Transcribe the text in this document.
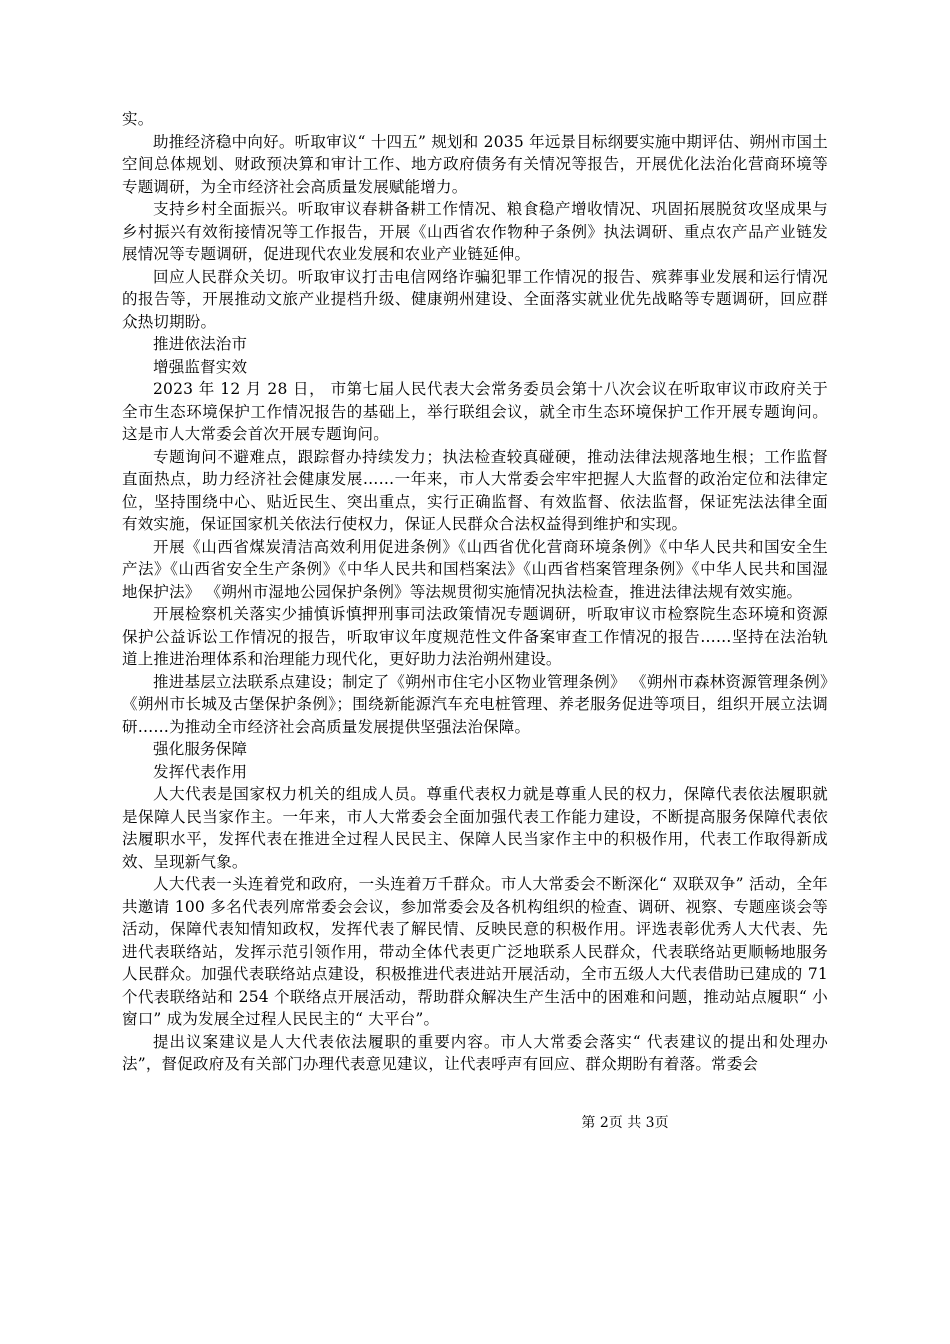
实。

助推经济稳中向好。听取审议“ 十四五” 规划和 2035 年远景目标纲要实施中期评估、朔州市国土空间总体规划、财政预决算和审计工作、地方政府债务有关情况等报告，开展优化法治化营商环境等专题调研，为全市经济社会高质量发展赋能增力。

支持乡村全面振兴。听取审议春耕备耕工作情况、粮食稳产增收情况、巩固拓展脱贫攻坚成果与乡村振兴有效衔接情况等工作报告，开展《山西省农作物种子条例》执法调研、重点农产品产业链发展情况等专题调研，促进现代农业发展和农业产业链延伸。

回应人民群众关切。听取审议打击电信网络诈骗犯罪工作情况的报告、殡葬事业发展和运行情况的报告等，开展推动文旅产业提档升级、健康朔州建设、全面落实就业优先战略等专题调研，回应群众热切期盼。

推进依法治市

增强监督实效

2023 年 12 月 28 日， 市第七届人民代表大会常务委员会第十八次会议在听取审议市政府关于全市生态环境保护工作情况报告的基础上，举行联组会议，就全市生态环境保护工作开展专题询问。这是市人大常委会首次开展专题询问。

专题询问不避难点，跟踪督办持续发力；执法检查较真碰硬，推动法律法规落地生根；工作监督直面热点，助力经济社会健康发展……一年来，市人大常委会牢牢把握人大监督的政治定位和法律定位，坚持围绕中心、贴近民生、突出重点，实行正确监督、有效监督、依法监督，保证宪法法律全面有效实施，保证国家机关依法行使权力，保证人民群众合法权益得到维护和实现。

开展《山西省煤炭清洁高效利用促进条例》《山西省优化营商环境条例》《中华人民共和国安全生产法》《山西省安全生产条例》《中华人民共和国档案法》《山西省档案管理条例》《中华人民共和国湿地保护法》 《朔州市湿地公园保护条例》等法规贯彻实施情况执法检查，推进法律法规有效实施。

开展检察机关落实少捕慎诉慎押刑事司法政策情况专题调研，听取审议市检察院生态环境和资源保护公益诉讼工作情况的报告，听取审议年度规范性文件备案审查工作情况的报告……坚持在法治轨道上推进治理体系和治理能力现代化，更好助力法治朔州建设。

推进基层立法联系点建设；制定了《朔州市住宅小区物业管理条例》 《朔州市森林资源管理条例》《朔州市长城及古堡保护条例》；围绕新能源汽车充电桩管理、养老服务促进等项目，组织开展立法调研……为推动全市经济社会高质量发展提供坚强法治保障。

强化服务保障

发挥代表作用

人大代表是国家权力机关的组成人员。尊重代表权力就是尊重人民的权力，保障代表依法履职就是保障人民当家作主。一年来，市人大常委会全面加强代表工作能力建设，不断提高服务保障代表依法履职水平，发挥代表在推进全过程人民民主、保障人民当家作主中的积极作用，代表工作取得新成效、呈现新气象。

人大代表一头连着党和政府，一头连着万千群众。市人大常委会不断深化“ 双联双争” 活动，全年共邀请 100 多名代表列席常委会会议，参加常委会及各机构组织的检查、调研、视察、专题座谈会等活动，保障代表知情知政权，发挥代表了解民情、反映民意的积极作用。评选表彰优秀人大代表、先进代表联络站，发挥示范引领作用，带动全体代表更广泛地联系人民群众，代表联络站更顺畅地服务人民群众。加强代表联络站点建设，积极推进代表进站开展活动，全市五级人大代表借助已建成的 71 个代表联络站和 254 个联络点开展活动，帮助群众解决生产生活中的困难和问题，推动站点履职“ 小窗口” 成为发展全过程人民民主的“ 大平台”。

提出议案建议是人大代表依法履职的重要内容。市人大常委会落实“ 代表建议的提出和处理办法”，督促政府及有关部门办理代表意见建议，让代表呼声有回应、群众期盼有着落。常委会

第 2页 共 3页
